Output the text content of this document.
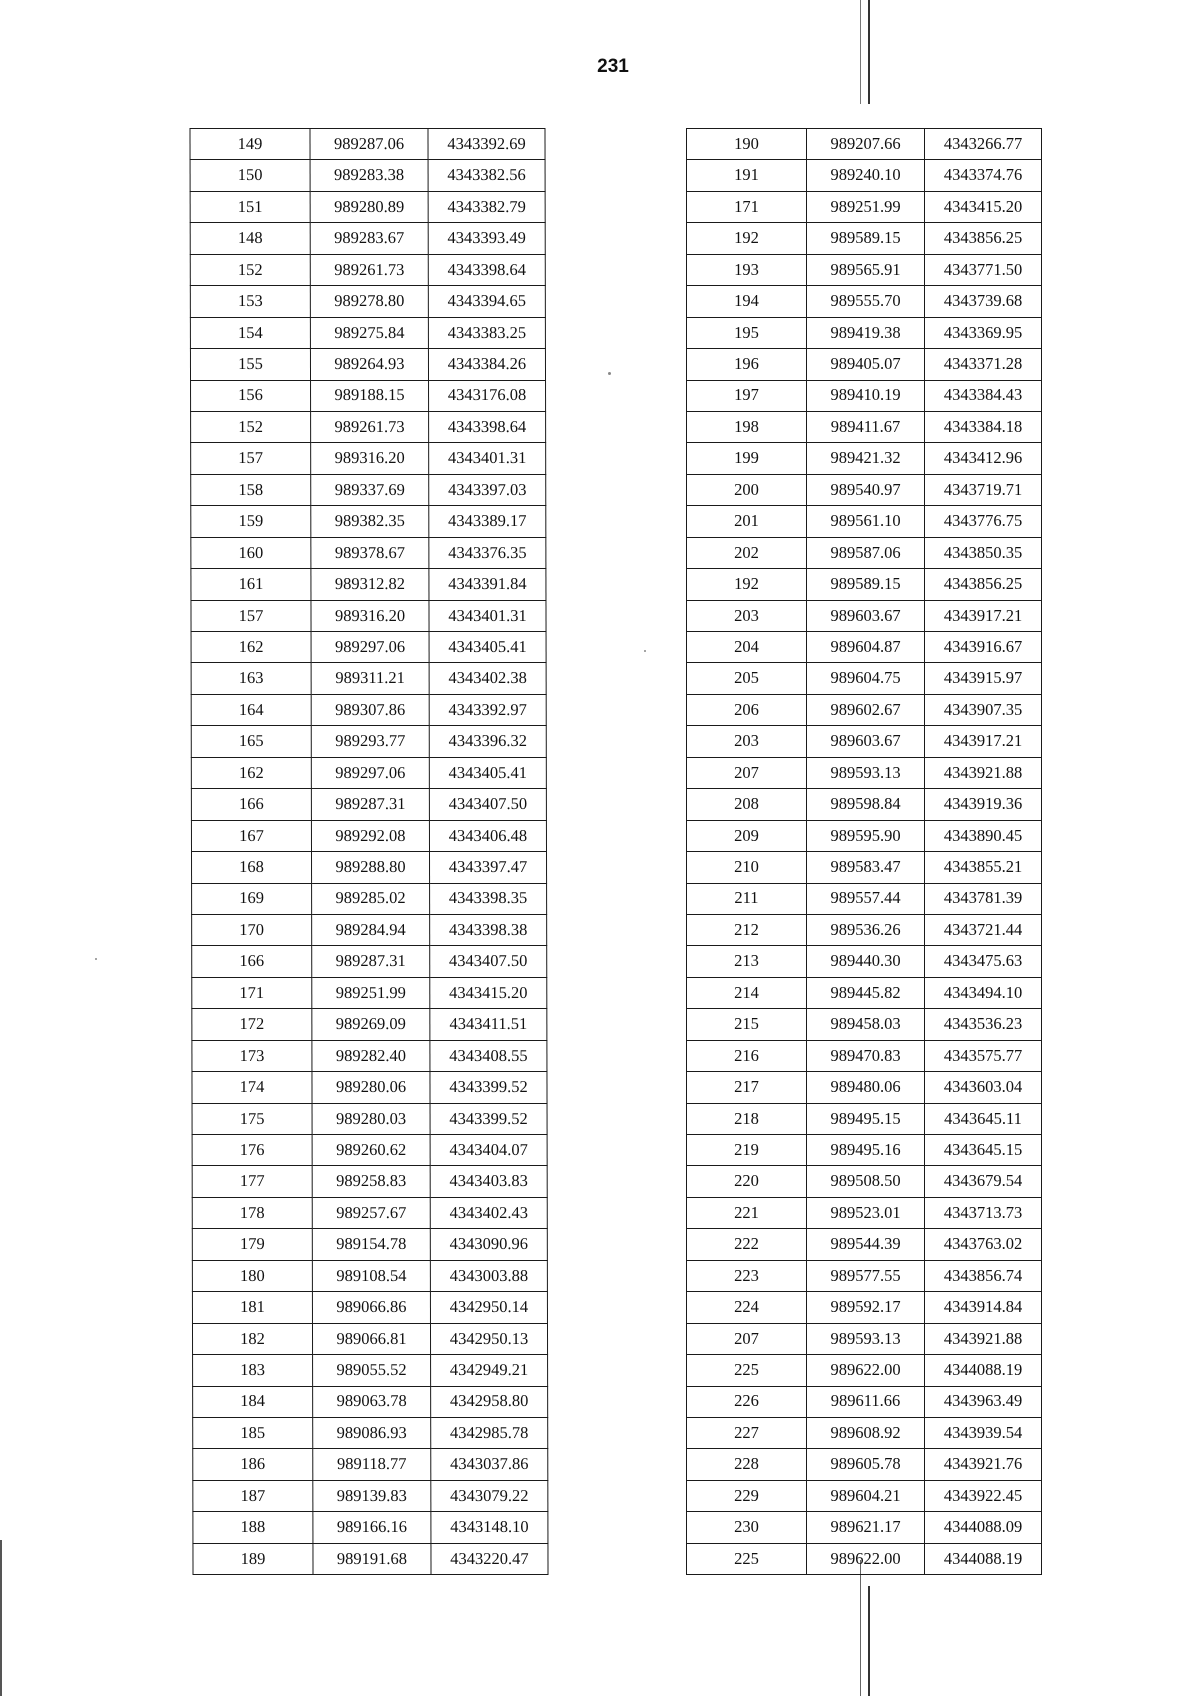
231
149	989287.06	4343392.69
150	989283.38	4343382.56
151	989280.89	4343382.79
148	989283.67	4343393.49
152	989261.73	4343398.64
153	989278.80	4343394.65
154	989275.84	4343383.25
155	989264.93	4343384.26
156	989188.15	4343176.08
152	989261.73	4343398.64
157	989316.20	4343401.31
158	989337.69	4343397.03
159	989382.35	4343389.17
160	989378.67	4343376.35
161	989312.82	4343391.84
157	989316.20	4343401.31
162	989297.06	4343405.41
163	989311.21	4343402.38
164	989307.86	4343392.97
165	989293.77	4343396.32
162	989297.06	4343405.41
166	989287.31	4343407.50
167	989292.08	4343406.48
168	989288.80	4343397.47
169	989285.02	4343398.35
170	989284.94	4343398.38
166	989287.31	4343407.50
171	989251.99	4343415.20
172	989269.09	4343411.51
173	989282.40	4343408.55
174	989280.06	4343399.52
175	989280.03	4343399.52
176	989260.62	4343404.07
177	989258.83	4343403.83
178	989257.67	4343402.43
179	989154.78	4343090.96
180	989108.54	4343003.88
181	989066.86	4342950.14
182	989066.81	4342950.13
183	989055.52	4342949.21
184	989063.78	4342958.80
185	989086.93	4342985.78
186	989118.77	4343037.86
187	989139.83	4343079.22
188	989166.16	4343148.10
189	989191.68	4343220.47
190	989207.66	4343266.77
191	989240.10	4343374.76
171	989251.99	4343415.20
192	989589.15	4343856.25
193	989565.91	4343771.50
194	989555.70	4343739.68
195	989419.38	4343369.95
196	989405.07	4343371.28
197	989410.19	4343384.43
198	989411.67	4343384.18
199	989421.32	4343412.96
200	989540.97	4343719.71
201	989561.10	4343776.75
202	989587.06	4343850.35
192	989589.15	4343856.25
203	989603.67	4343917.21
204	989604.87	4343916.67
205	989604.75	4343915.97
206	989602.67	4343907.35
203	989603.67	4343917.21
207	989593.13	4343921.88
208	989598.84	4343919.36
209	989595.90	4343890.45
210	989583.47	4343855.21
211	989557.44	4343781.39
212	989536.26	4343721.44
213	989440.30	4343475.63
214	989445.82	4343494.10
215	989458.03	4343536.23
216	989470.83	4343575.77
217	989480.06	4343603.04
218	989495.15	4343645.11
219	989495.16	4343645.15
220	989508.50	4343679.54
221	989523.01	4343713.73
222	989544.39	4343763.02
223	989577.55	4343856.74
224	989592.17	4343914.84
207	989593.13	4343921.88
225	989622.00	4344088.19
226	989611.66	4343963.49
227	989608.92	4343939.54
228	989605.78	4343921.76
229	989604.21	4343922.45
230	989621.17	4344088.09
225	989622.00	4344088.19
